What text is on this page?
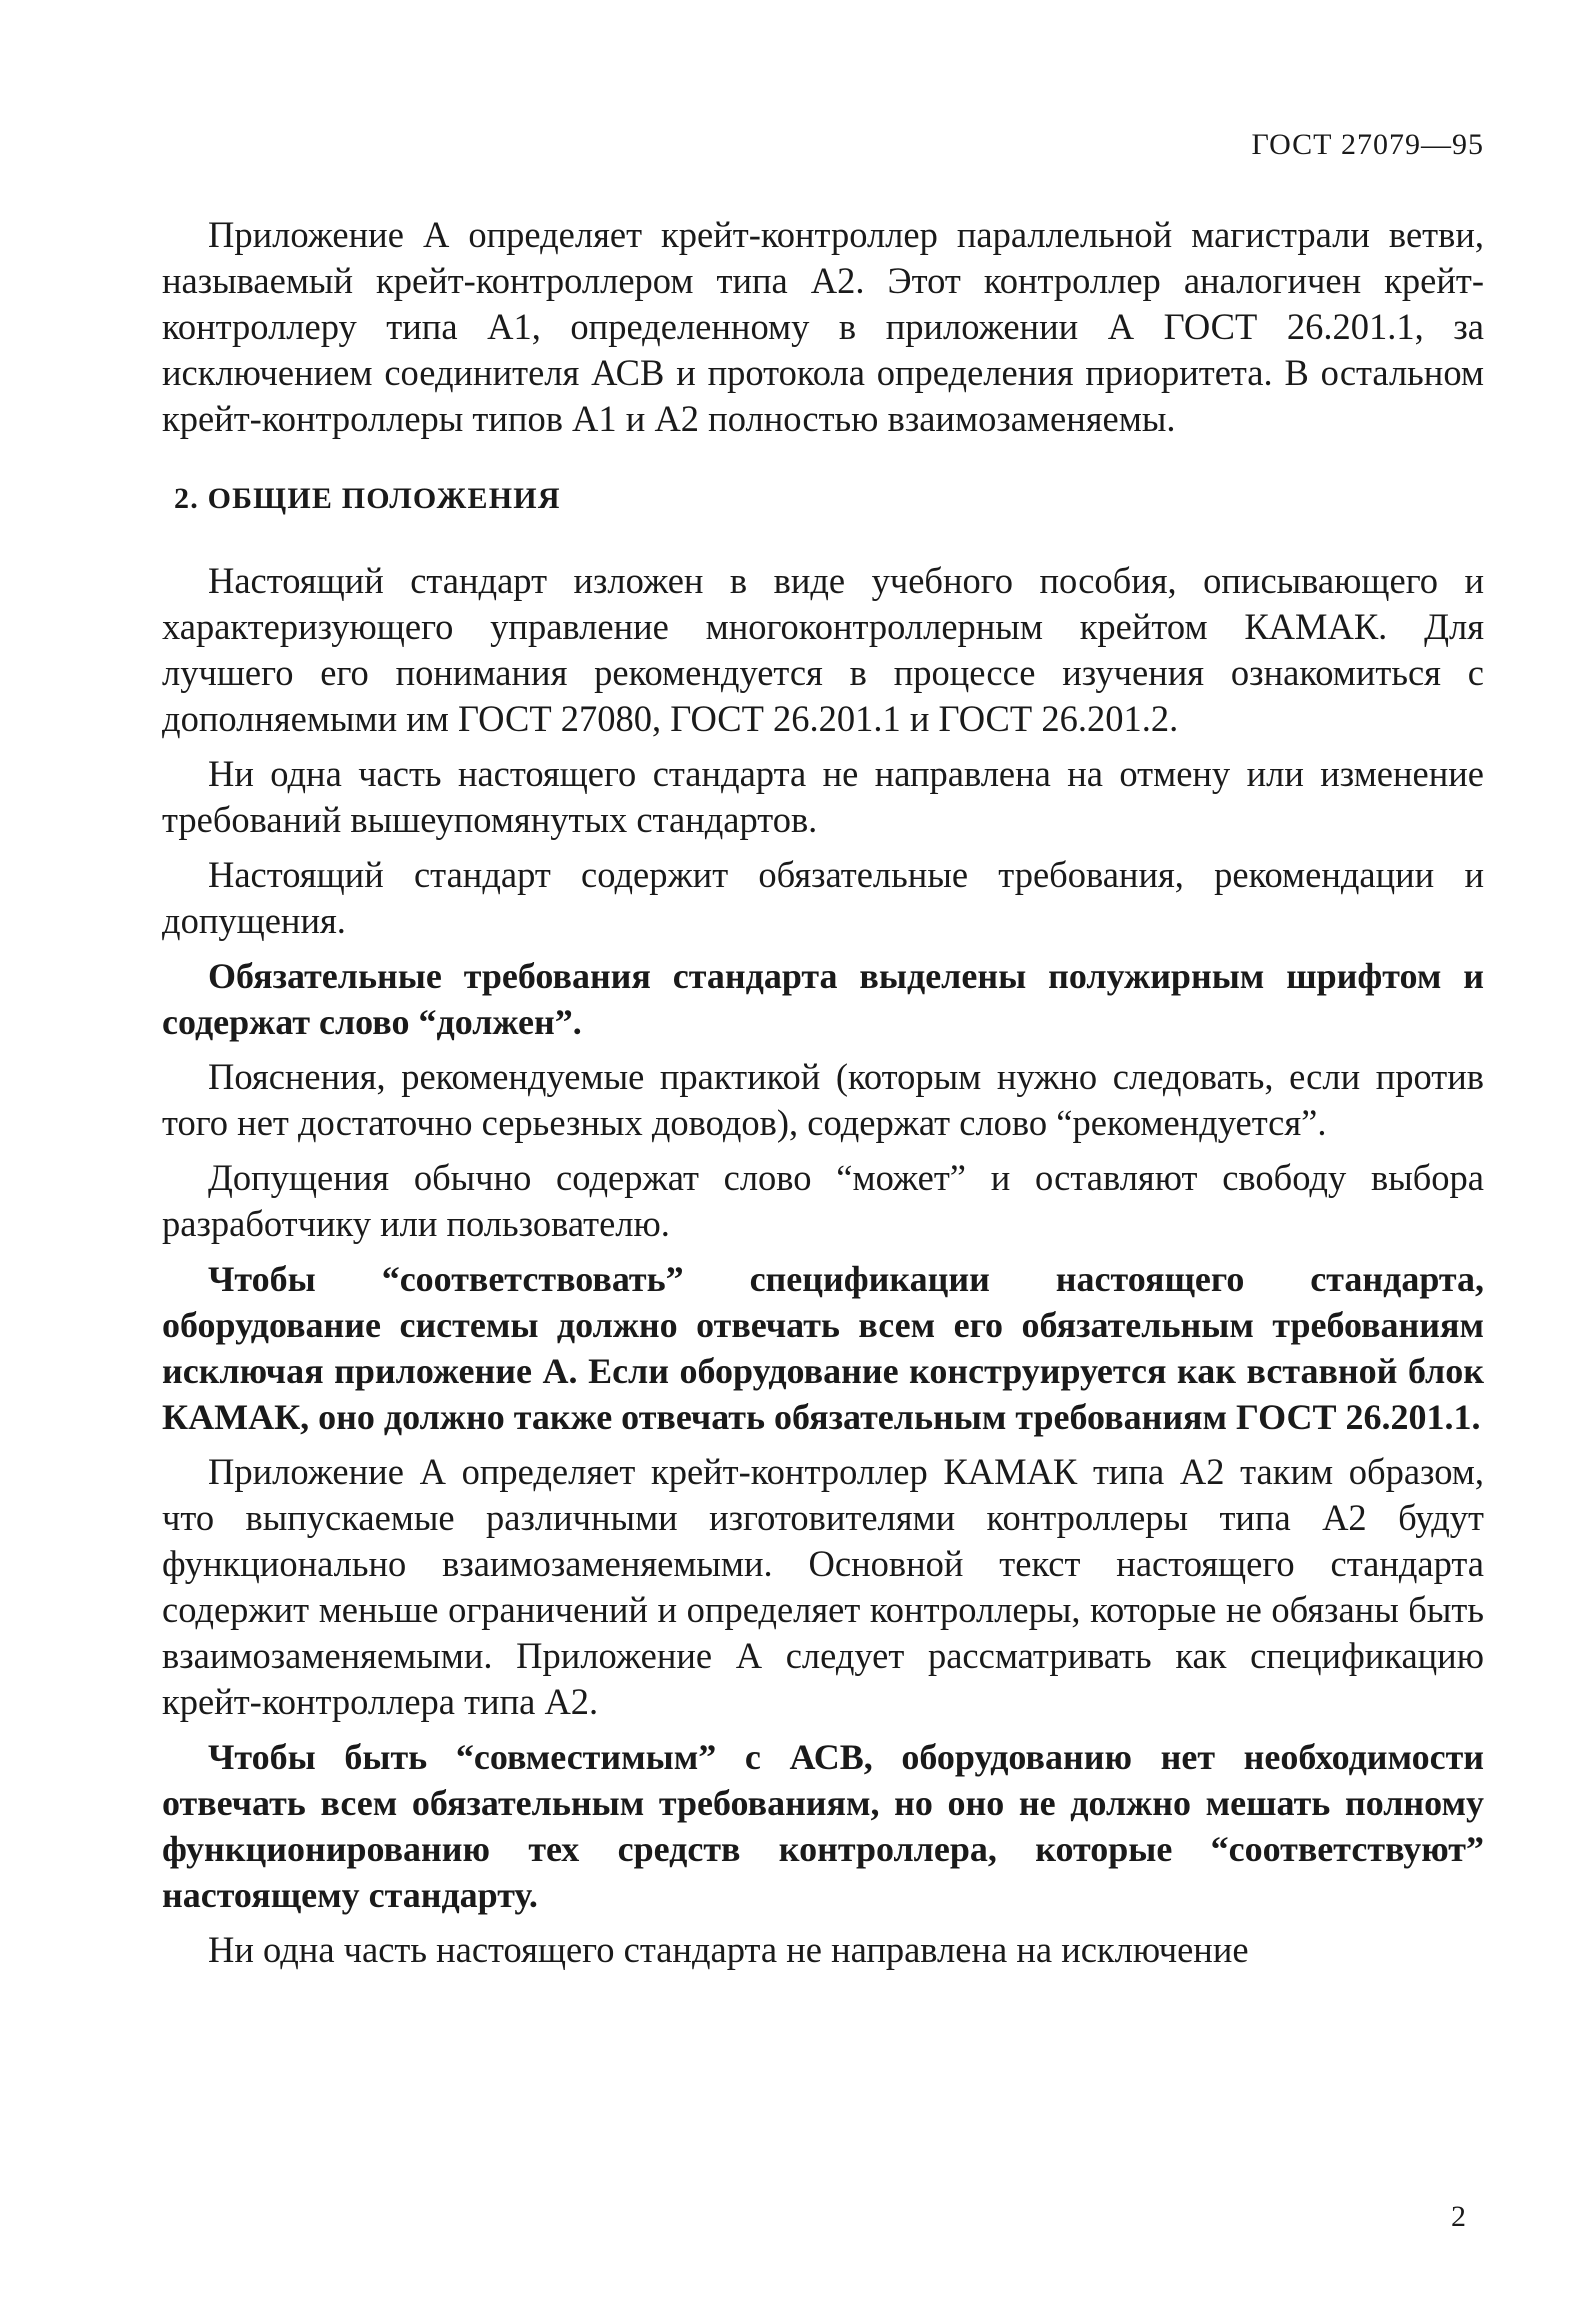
ГОСТ 27079—95

Приложение А определяет крейт-контроллер параллельной магистрали ветви, называемый крейт-контроллером типа А2. Этот контроллер аналогичен крейт-контроллеру типа А1, определенному в приложении А ГОСТ 26.201.1, за исключением соединителя АСВ и протокола определения приоритета. В остальном крейт-контроллеры типов А1 и А2 полностью взаимозаменяемы.

2. ОБЩИЕ ПОЛОЖЕНИЯ

Настоящий стандарт изложен в виде учебного пособия, описывающего и характеризующего управление многоконтроллерным крейтом КАМАК. Для лучшего его понимания рекомендуется в процессе изучения ознакомиться с дополняемыми им ГОСТ 27080, ГОСТ 26.201.1 и ГОСТ 26.201.2.

Ни одна часть настоящего стандарта не направлена на отмену или изменение требований вышеупомянутых стандартов.

Настоящий стандарт содержит обязательные требования, рекомендации и допущения.

Обязательные требования стандарта выделены полужирным шрифтом и содержат слово “должен”.

Пояснения, рекомендуемые практикой (которым нужно следовать, если против того нет достаточно серьезных доводов), содержат слово “рекомендуется”.

Допущения обычно содержат слово “может” и оставляют свободу выбора разработчику или пользователю.

Чтобы “соответствовать” спецификации настоящего стандарта, оборудование системы должно отвечать всем его обязательным требованиям исключая приложение А. Если оборудование конструируется как вставной блок КАМАК, оно должно также отвечать обязательным требованиям ГОСТ 26.201.1.

Приложение А определяет крейт-контроллер КАМАК типа А2 таким образом, что выпускаемые различными изготовителями контроллеры типа А2 будут функционально взаимозаменяемыми. Основной текст настоящего стандарта содержит меньше ограничений и определяет контроллеры, которые не обязаны быть взаимозаменяемыми. Приложение А следует рассматривать как спецификацию крейт-контроллера типа А2.

Чтобы быть “совместимым” с АСВ, оборудованию нет необходимости отвечать всем обязательным требованиям, но оно не должно мешать полному функционированию тех средств контроллера, которые “соответствуют” настоящему стандарту.

Ни одна часть настоящего стандарта не направлена на исключение

2
